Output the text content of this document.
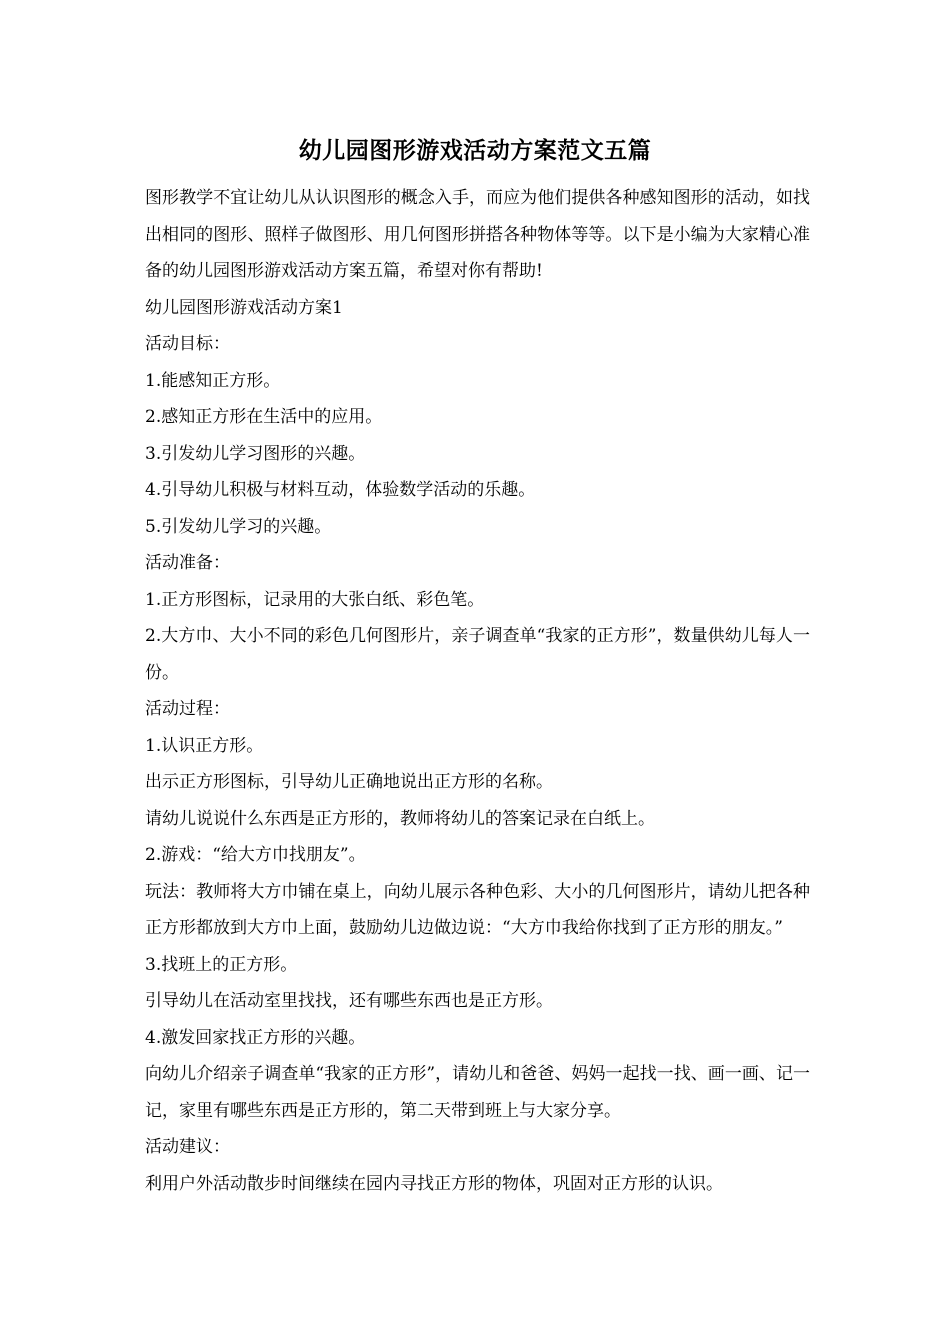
幼儿园图形游戏活动方案范文五篇

图形教学不宜让幼儿从认识图形的概念入手，而应为他们提供各种感知图形的活动，如找出相同的图形、照样子做图形、用几何图形拼搭各种物体等等。以下是小编为大家精心准备的幼儿园图形游戏活动方案五篇，希望对你有帮助!

幼儿园图形游戏活动方案1

活动目标：

1.能感知正方形。

2.感知正方形在生活中的应用。

3.引发幼儿学习图形的兴趣。

4.引导幼儿积极与材料互动，体验数学活动的乐趣。

5.引发幼儿学习的兴趣。

活动准备：

1.正方形图标，记录用的大张白纸、彩色笔。

2.大方巾、大小不同的彩色几何图形片，亲子调查单“我家的正方形”，数量供幼儿每人一份。

活动过程：

1.认识正方形。

出示正方形图标，引导幼儿正确地说出正方形的名称。

请幼儿说说什么东西是正方形的，教师将幼儿的答案记录在白纸上。

2.游戏：“给大方巾找朋友”。

玩法：教师将大方巾铺在桌上，向幼儿展示各种色彩、大小的几何图形片，请幼儿把各种正方形都放到大方巾上面，鼓励幼儿边做边说：“大方巾我给你找到了正方形的朋友。”

3.找班上的正方形。

引导幼儿在活动室里找找，还有哪些东西也是正方形。

4.激发回家找正方形的兴趣。

向幼儿介绍亲子调查单“我家的正方形”，请幼儿和爸爸、妈妈一起找一找、画一画、记一记，家里有哪些东西是正方形的，第二天带到班上与大家分享。

活动建议：

利用户外活动散步时间继续在园内寻找正方形的物体，巩固对正方形的认识。
